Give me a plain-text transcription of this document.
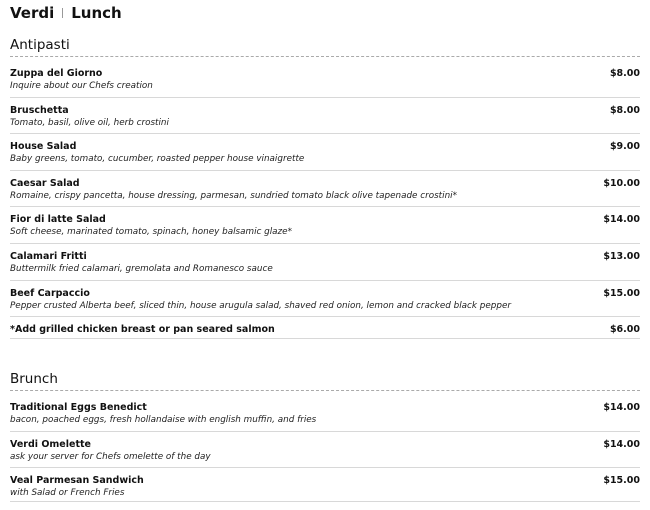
Verdi Lunch
Antipasti
Zuppa del Giorno
Inquire about our Chefs creation
$8.00
Bruschetta
Tomato, basil, olive oil, herb crostini
$8.00
House Salad
Baby greens, tomato, cucumber, roasted pepper house vinaigrette
$9.00
Caesar Salad
Romaine, crispy pancetta, house dressing, parmesan, sundried tomato black olive tapenade crostini*
$10.00
Fior di latte Salad
Soft cheese, marinated tomato, spinach, honey balsamic glaze*
$14.00
Calamari Fritti
Buttermilk fried calamari, gremolata and Romanesco sauce
$13.00
Beef Carpaccio
Pepper crusted Alberta beef, sliced thin, house arugula salad, shaved red onion, lemon and cracked black pepper
$15.00
*Add grilled chicken breast or pan seared salmon	$6.00
Brunch
Traditional Eggs Benedict
bacon, poached eggs, fresh hollandaise with english muffin, and fries
$14.00
Verdi Omelette
ask your server for Chefs omelette of the day
$14.00
Veal Parmesan Sandwich
with Salad or French Fries
$15.00
